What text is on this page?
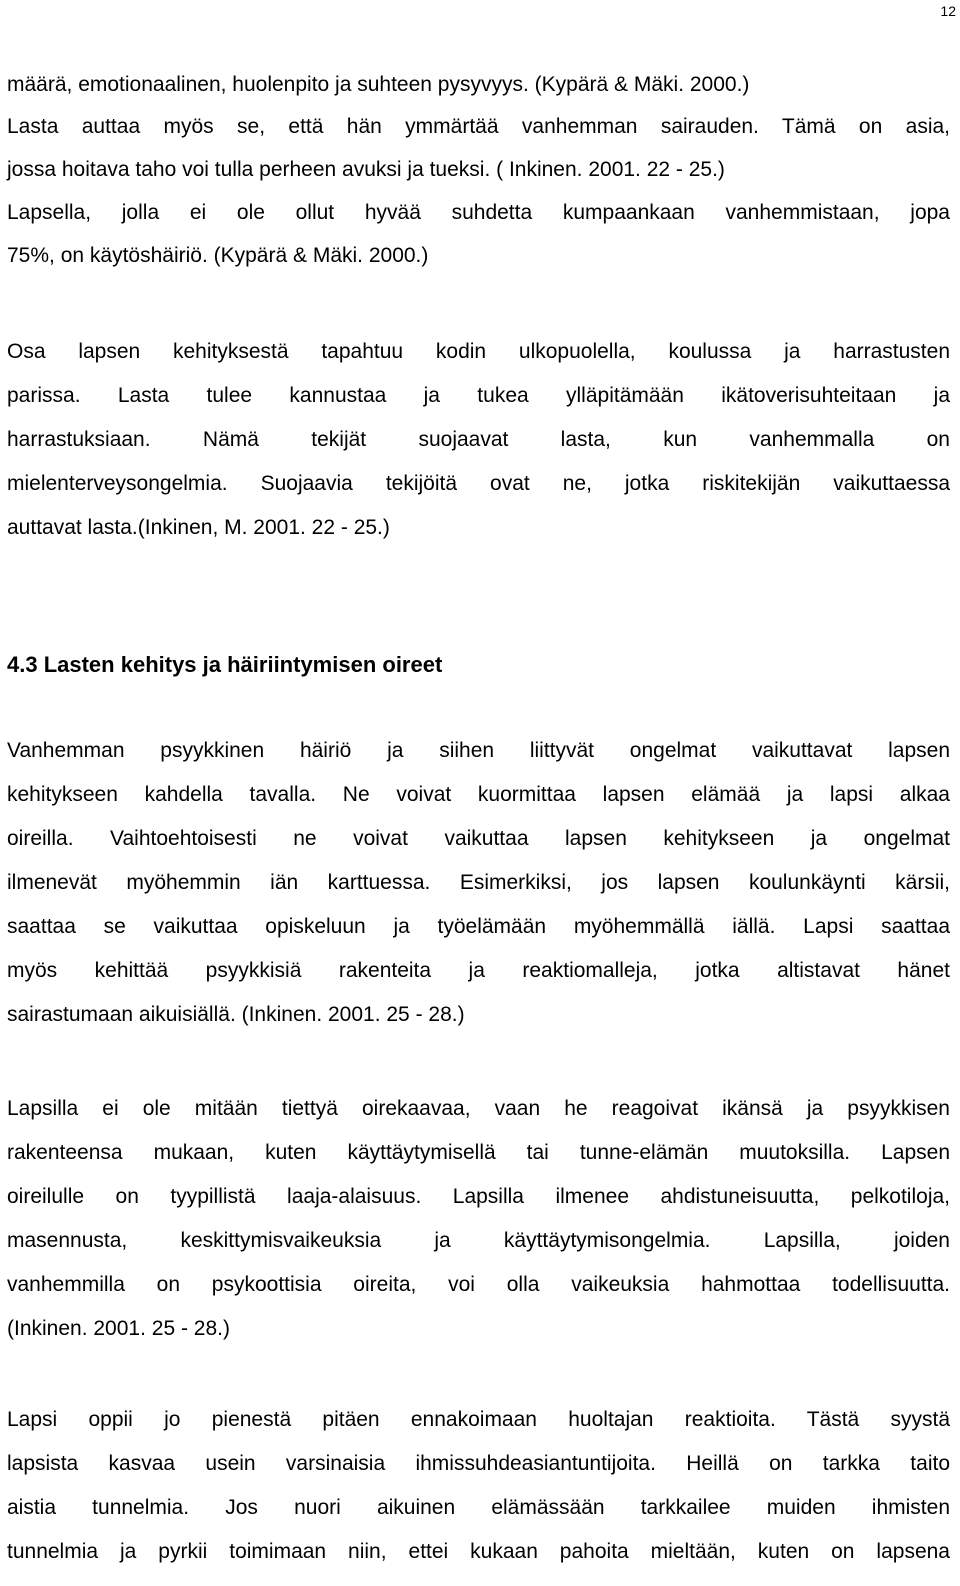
12
määrä, emotionaalinen, huolenpito ja suhteen pysyvyys. (Kypärä & Mäki. 2000.)
Lasta auttaa myös se, että hän ymmärtää vanhemman sairauden. Tämä on asia,
jossa hoitava taho voi tulla perheen avuksi ja tueksi. ( Inkinen. 2001. 22 - 25.)
Lapsella, jolla ei ole ollut hyvää suhdetta kumpaankaan vanhemmistaan, jopa
75%, on käytöshäiriö. (Kypärä & Mäki. 2000.)
Osa lapsen kehityksestä tapahtuu kodin ulkopuolella, koulussa ja harrastusten
parissa. Lasta tulee kannustaa ja tukea ylläpitämään ikätoverisuhteitaan ja
harrastuksiaan. Nämä tekijät suojaavat lasta, kun vanhemmalla on
mielenterveysongelmia. Suojaavia tekijöitä ovat ne, jotka riskitekijän vaikuttaessa
auttavat lasta.(Inkinen, M. 2001. 22 - 25.)
4.3 Lasten kehitys ja häiriintymisen oireet
Vanhemman psyykkinen häiriö ja siihen liittyvät ongelmat vaikuttavat lapsen
kehitykseen kahdella tavalla. Ne voivat kuormittaa lapsen elämää ja lapsi alkaa
oireilla. Vaihtoehtoisesti ne voivat vaikuttaa lapsen kehitykseen ja ongelmat
ilmenevät myöhemmin iän karttuessa. Esimerkiksi, jos lapsen koulunkäynti kärsii,
saattaa se vaikuttaa opiskeluun ja työelämään myöhemmällä iällä. Lapsi saattaa
myös kehittää psyykkisiä rakenteita ja reaktiomalleja, jotka altistavat hänet
sairastumaan aikuisiällä. (Inkinen. 2001. 25 - 28.)
Lapsilla ei ole mitään tiettyä oirekaavaa, vaan he reagoivat ikänsä ja psyykkisen
rakenteensa mukaan, kuten käyttäytymisellä tai tunne-elämän muutoksilla. Lapsen
oireilulle on tyypillistä laaja-alaisuus. Lapsilla ilmenee ahdistuneisuutta, pelkotiloja,
masennusta, keskittymisvaikeuksia ja käyttäytymisongelmia. Lapsilla, joiden
vanhemmilla on psykoottisia oireita, voi olla vaikeuksia hahmottaa todellisuutta.
(Inkinen. 2001. 25 - 28.)
Lapsi oppii jo pienestä pitäen ennakoimaan huoltajan reaktioita. Tästä syystä
lapsista kasvaa usein varsinaisia ihmissuhdeasiantuntijoita. Heillä on tarkka taito
aistia tunnelmia. Jos nuori aikuinen elämässään tarkkailee muiden ihmisten
tunnelmia ja pyrkii toimimaan niin, ettei kukaan pahoita mieltään, kuten on lapsena
